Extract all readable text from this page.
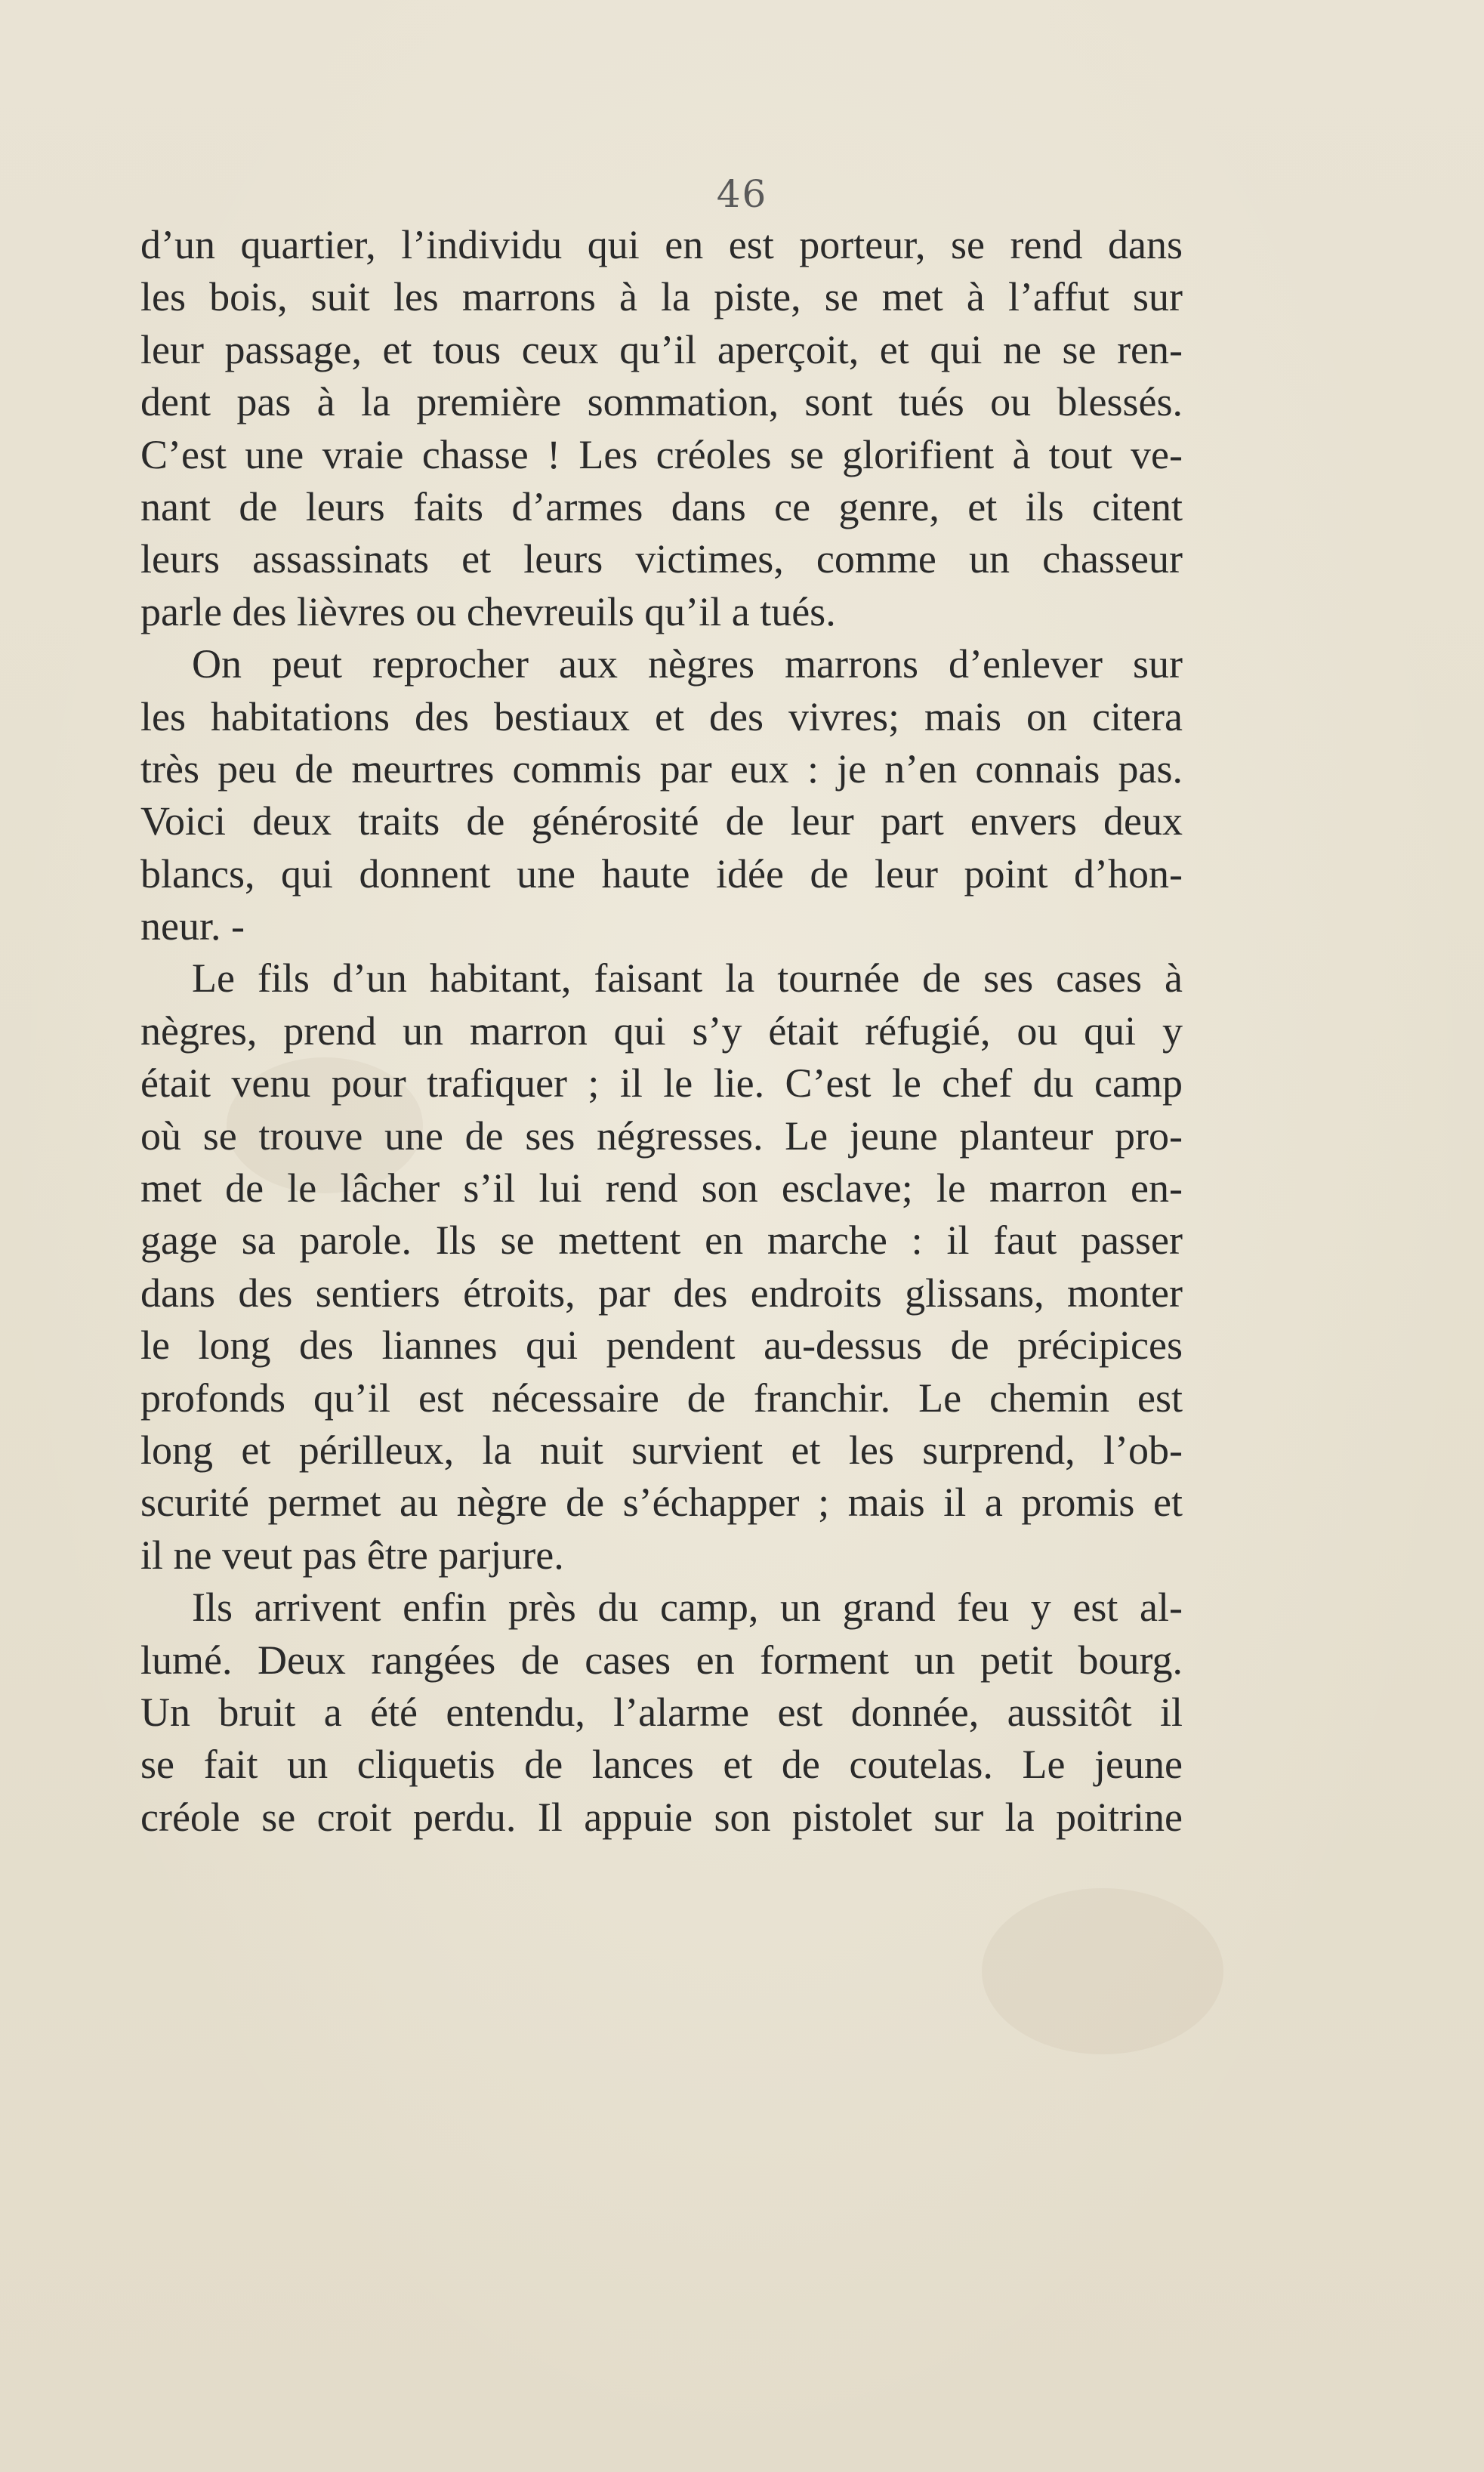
46
d’un quartier, l’individu qui en est porteur, se rend dans
les bois, suit les marrons à la piste, se met à l’affut sur
leur passage, et tous ceux qu’il aperçoit, et qui ne se ren-
dent pas à la première sommation, sont tués ou blessés.
C’est une vraie chasse ! Les créoles se glorifient à tout ve-
nant de leurs faits d’armes dans ce genre, et ils citent
leurs assassinats et leurs victimes, comme un chasseur
parle des lièvres ou chevreuils qu’il a tués.
On peut reprocher aux nègres marrons d’enlever sur
les habitations des bestiaux et des vivres; mais on citera
très peu de meurtres commis par eux : je n’en connais pas.
Voici deux traits de générosité de leur part envers deux
blancs, qui donnent une haute idée de leur point d’hon-
neur. -
Le fils d’un habitant, faisant la tournée de ses cases à
nègres, prend un marron qui s’y était réfugié, ou qui y
était venu pour trafiquer ; il le lie. C’est le chef du camp
où se trouve une de ses négresses. Le jeune planteur pro-
met de le lâcher s’il lui rend son esclave; le marron en-
gage sa parole. Ils se mettent en marche : il faut passer
dans des sentiers étroits, par des endroits glissans, monter
le long des liannes qui pendent au-dessus de précipices
profonds qu’il est nécessaire de franchir. Le chemin est
long et périlleux, la nuit survient et les surprend, l’ob-
scurité permet au nègre de s’échapper ; mais il a promis et
il ne veut pas être parjure.
Ils arrivent enfin près du camp, un grand feu y est al-
lumé. Deux rangées de cases en forment un petit bourg.
Un bruit a été entendu, l’alarme est donnée, aussitôt il
se fait un cliquetis de lances et de coutelas. Le jeune
créole se croit perdu. Il appuie son pistolet sur la poitrine
